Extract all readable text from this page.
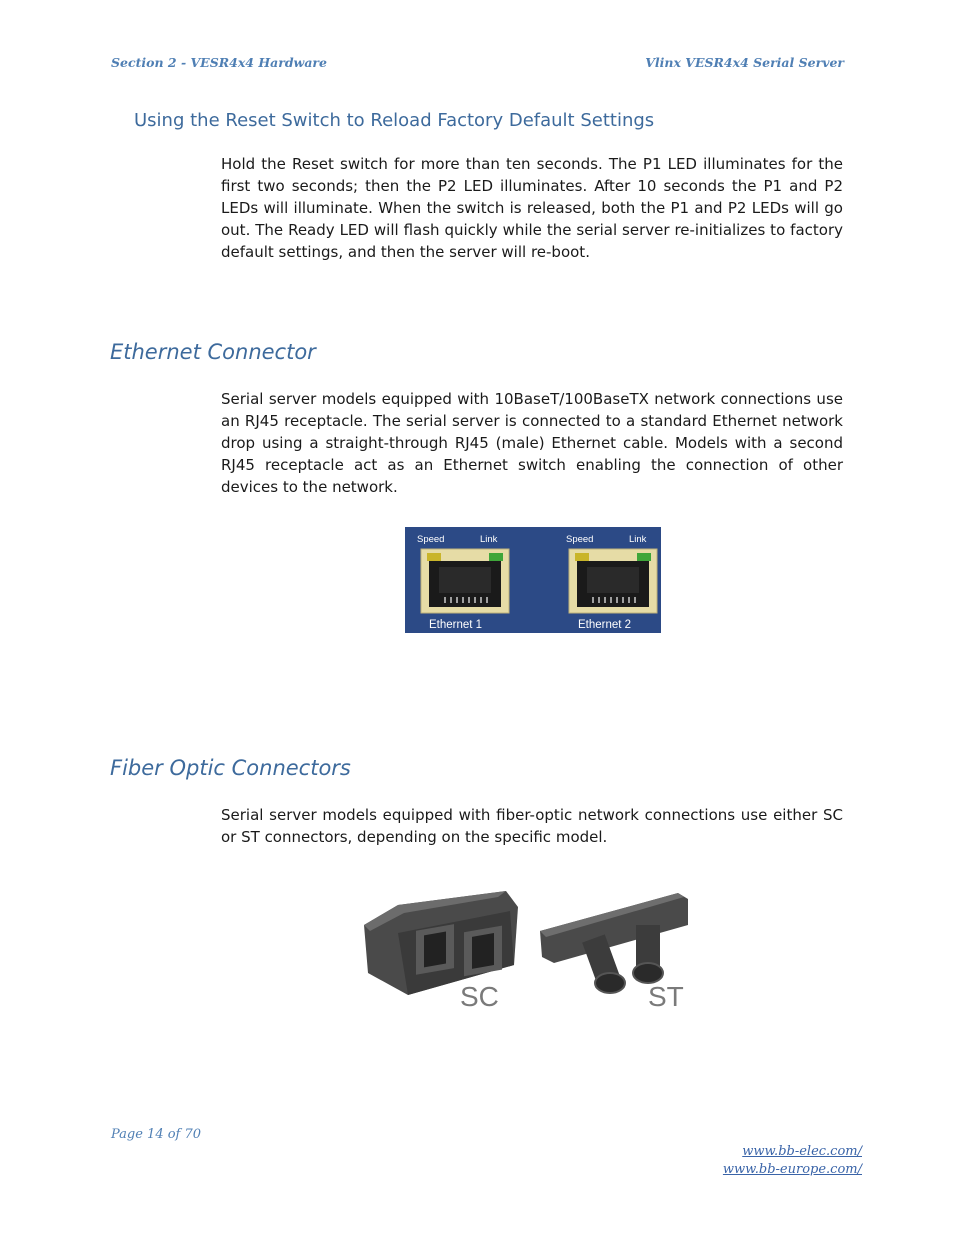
Section 2 - VESR4x4 Hardware	Vlinx VESR4x4 Serial Server
Using the Reset Switch to Reload Factory Default Settings
Hold the Reset switch for more than ten seconds. The P1 LED illuminates for the first two seconds; then the P2 LED illuminates. After 10 seconds the P1 and P2 LEDs will illuminate. When the switch is released, both the P1 and P2 LEDs will go out. The Ready LED will flash quickly while the serial server re-initializes to factory default settings, and then the server will re-boot.
Ethernet Connector
Serial server models equipped with 10BaseT/100BaseTX network connections use an RJ45 receptacle. The serial server is connected to a standard Ethernet network drop using a straight-through RJ45 (male) Ethernet cable. Models with a second RJ45 receptacle act as an Ethernet switch enabling the connection of other devices to the network.
Speed	Link
Ethernet 1
Speed	Link
Ethernet 2
Fiber Optic Connectors
Serial server models equipped with fiber-optic network connections use either SC or ST connectors, depending on the specific model.
SC	ST
Page 14 of 70
www.bb-elec.com/
www.bb-europe.com/
